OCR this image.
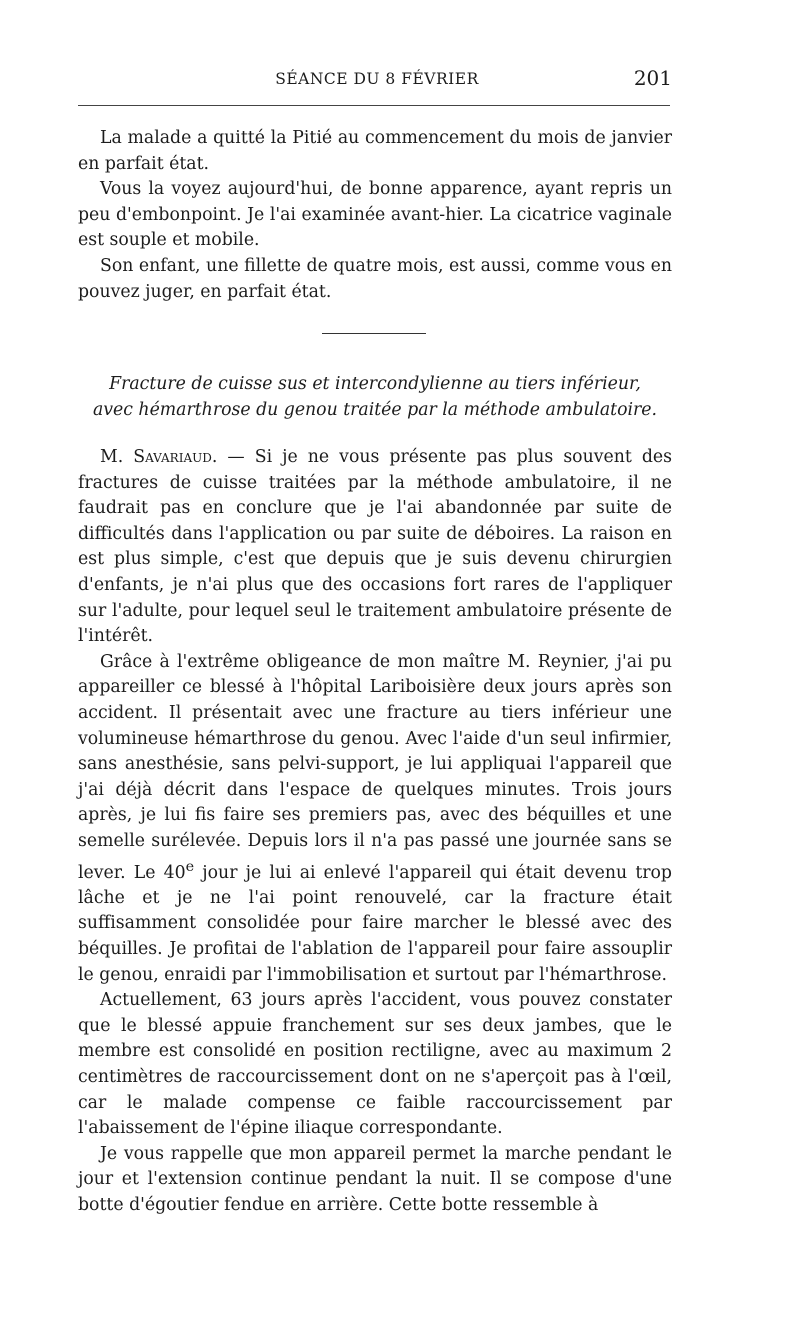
SÉANCE DU 8 FÉVRIER	201

La malade a quitté la Pitié au commencement du mois de janvier en parfait état.

Vous la voyez aujourd'hui, de bonne apparence, ayant repris un peu d'embonpoint. Je l'ai examinée avant-hier. La cicatrice vaginale est souple et mobile.

Son enfant, une fillette de quatre mois, est aussi, comme vous en pouvez juger, en parfait état.

Fracture de cuisse sus et intercondylienne au tiers inférieur,
avec hémarthrose du genou traitée par la méthode ambulatoire.

M. Savariaud. — Si je ne vous présente pas plus souvent des fractures de cuisse traitées par la méthode ambulatoire, il ne faudrait pas en conclure que je l'ai abandonnée par suite de difficultés dans l'application ou par suite de déboires. La raison en est plus simple, c'est que depuis que je suis devenu chirurgien d'enfants, je n'ai plus que des occasions fort rares de l'appliquer sur l'adulte, pour lequel seul le traitement ambulatoire présente de l'intérêt.

Grâce à l'extrême obligeance de mon maître M. Reynier, j'ai pu appareiller ce blessé à l'hôpital Lariboisière deux jours après son accident. Il présentait avec une fracture au tiers inférieur une volumineuse hémarthrose du genou. Avec l'aide d'un seul infirmier, sans anesthésie, sans pelvi-support, je lui appliquai l'appareil que j'ai déjà décrit dans l'espace de quelques minutes. Trois jours après, je lui fis faire ses premiers pas, avec des béquilles et une semelle surélevée. Depuis lors il n'a pas passé une journée sans se lever. Le 40e jour je lui ai enlevé l'appareil qui était devenu trop lâche et je ne l'ai point renouvelé, car la fracture était suffisamment consolidée pour faire marcher le blessé avec des béquilles. Je profitai de l'ablation de l'appareil pour faire assouplir le genou, enraidi par l'immobilisation et surtout par l'hémarthrose.

Actuellement, 63 jours après l'accident, vous pouvez constater que le blessé appuie franchement sur ses deux jambes, que le membre est consolidé en position rectiligne, avec au maximum 2 centimètres de raccourcissement dont on ne s'aperçoit pas à l'œil, car le malade compense ce faible raccourcissement par l'abaissement de l'épine iliaque correspondante.

Je vous rappelle que mon appareil permet la marche pendant le jour et l'extension continue pendant la nuit. Il se compose d'une botte d'égoutier fendue en arrière. Cette botte ressemble à
